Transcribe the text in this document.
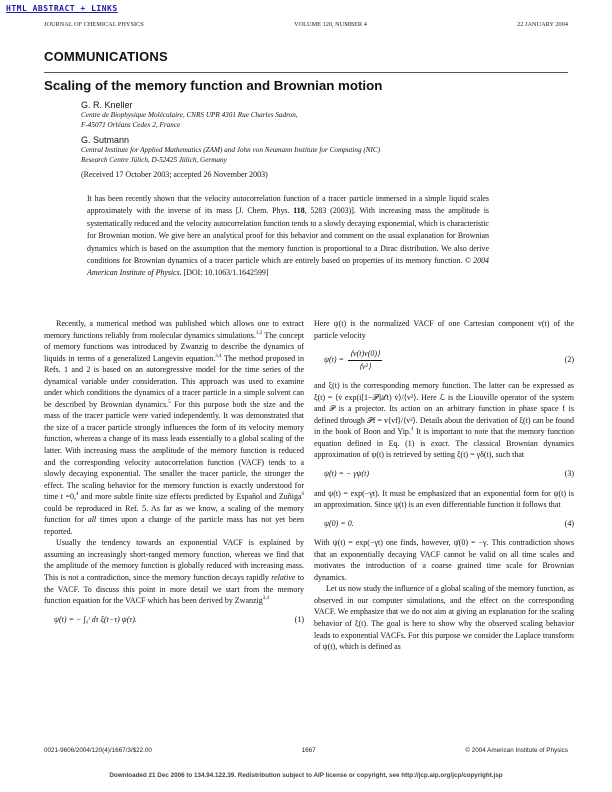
HTML ABSTRACT + LINKS
JOURNAL OF CHEMICAL PHYSICS	VOLUME 120, NUMBER 4	22 JANUARY 2004
COMMUNICATIONS
Scaling of the memory function and Brownian motion
G. R. Kneller
Centre de Biophysique Moléculaire, CNRS UPR 4301 Rue Charles Sadron,
F-45071 Orléans Cedex 2, France
G. Sutmann
Central Institute for Applied Mathematics (ZAM) and John von Neumann Institute for Computing (NIC)
Research Centre Jülich, D-52425 Jülich, Germany
(Received 17 October 2003; accepted 26 November 2003)
It has been recently shown that the velocity autocorrelation function of a tracer particle immersed in a simple liquid scales approximately with the inverse of its mass [J. Chem. Phys. 118, 5283 (2003)]. With increasing mass the amplitude is systematically reduced and the velocity autocorrelation function tends to a slowly decaying exponential, which is characteristic for Brownian motion. We give here an analytical proof for this behavior and comment on the usual explanation for Brownian dynamics which is based on the assumption that the memory function is proportional to a Dirac distribution. We also derive conditions for Brownian dynamics of a tracer particle which are entirely based on properties of its memory function. © 2004 American Institute of Physics. [DOI: 10.1063/1.1642599]

Recently, a numerical method was published which allows one to extract memory functions reliably from molecular dynamics simulations.$^{1,2}$ The concept of memory functions was introduced by Zwanzig to describe the dynamics of liquids in terms of a generalized Langevin equation.$^{3,4}$ The method proposed in Refs. 1 and 2 is based on an autoregressive model for the time series of the dynamical variable under consideration. This approach was used to examine under which conditions the dynamics of a tracer particle in a simple solvent can be described by Brownian dynamics.$^5$ For this purpose both the size and the mass of the tracer particle were varied independently. It was demonstrated that the size of a tracer particle strongly influences the form of its velocity memory function, whereas a change of its mass leads essentially to a global scaling of the latter. With increasing mass the amplitude of the memory function is reduced and the corresponding velocity autocorrelation function (VACF) tends to a slowly decaying exponential. The smaller the tracer particle, the stronger the effect. The scaling behavior for the memory function is exactly understood for time t =0,$^4$ and more subtle finite size effects predicted by Español and Zuñiga$^6$ could be reproduced in Ref. 5. As far as we know, a scaling of the memory function for all times upon a change of the particle mass has not yet been reported.

Usually the tendency towards an exponential VACF is explained by assuming an increasingly short-ranged memory function, whereas we find that the amplitude of the memory function is globally reduced with increasing mass. This is not a contradiction, since the memory function decays rapidly relative to the VACF. To discuss this point in more detail we start from the memory function equation for the VACF which has been derived by Zwanzig$^{3,4}$

ψ̇(t) = − ∫₀ᵗ dτ ξ(t−τ) ψ(τ).	(1)

Here ψ(t) is the normalized VACF of one Cartesian component v(t) of the particle velocity

$\psi(t) = \frac{⟨v(t)v(0)⟩}{\text{⟨v²⟩}}$	(2)

and ξ(t) is the corresponding memory function. The latter can be expressed as ξ(t) = ⟨v̇ exp(i[1−𝒫]ℒt) v̇⟩/⟨v²⟩. Here ℒ is the Liouville operator of the system and 𝒫 is a projector. Its action on an arbitrary function in phase space f is defined through 𝒫f = v⟨vf⟩/⟨v²⟩. Details about the derivation of ξ(t) can be found in the book of Boon and Yip.$^4$ It is important to note that the memory function equation defined in Eq. (1) is exact. The classical Brownian dynamics approximation of ψ(t) is retrieved by setting ξ(t) = γδ(t), such that

ψ̇(t) = − γψ(t)	(3)

and ψ(t) = exp(−γt). It must be emphasized that an exponential form for ψ(t) is an approximation. Since ψ(t) is an even differentiable function it follows that

ψ̇(0) = 0.	(4)

With ψ(t) = exp(−γt) one finds, however, ψ̇(0) = −γ. This contradiction shows that an exponentially decaying VACF cannot be valid on all time scales and motivates the introduction of a coarse grained time scale for Brownian dynamics.

Let us now study the influence of a global scaling of the memory function, as observed in our computer simulations, and the effect on the corresponding VACF. We emphasize that we do not aim at giving an explanation for the scaling behavior of ξ(t). The goal is here to show why the observed scaling behavior leads to exponential VACFs. For this purpose we consider the Laplace transform of ψ(t), which is defined as

0021-9606/2004/120(4)/1667/3/$22.00	1667	© 2004 American Institute of Physics
Downloaded 21 Dec 2006 to 134.94.122.39. Redistribution subject to AIP license or copyright, see http://jcp.aip.org/jcp/copyright.jsp
